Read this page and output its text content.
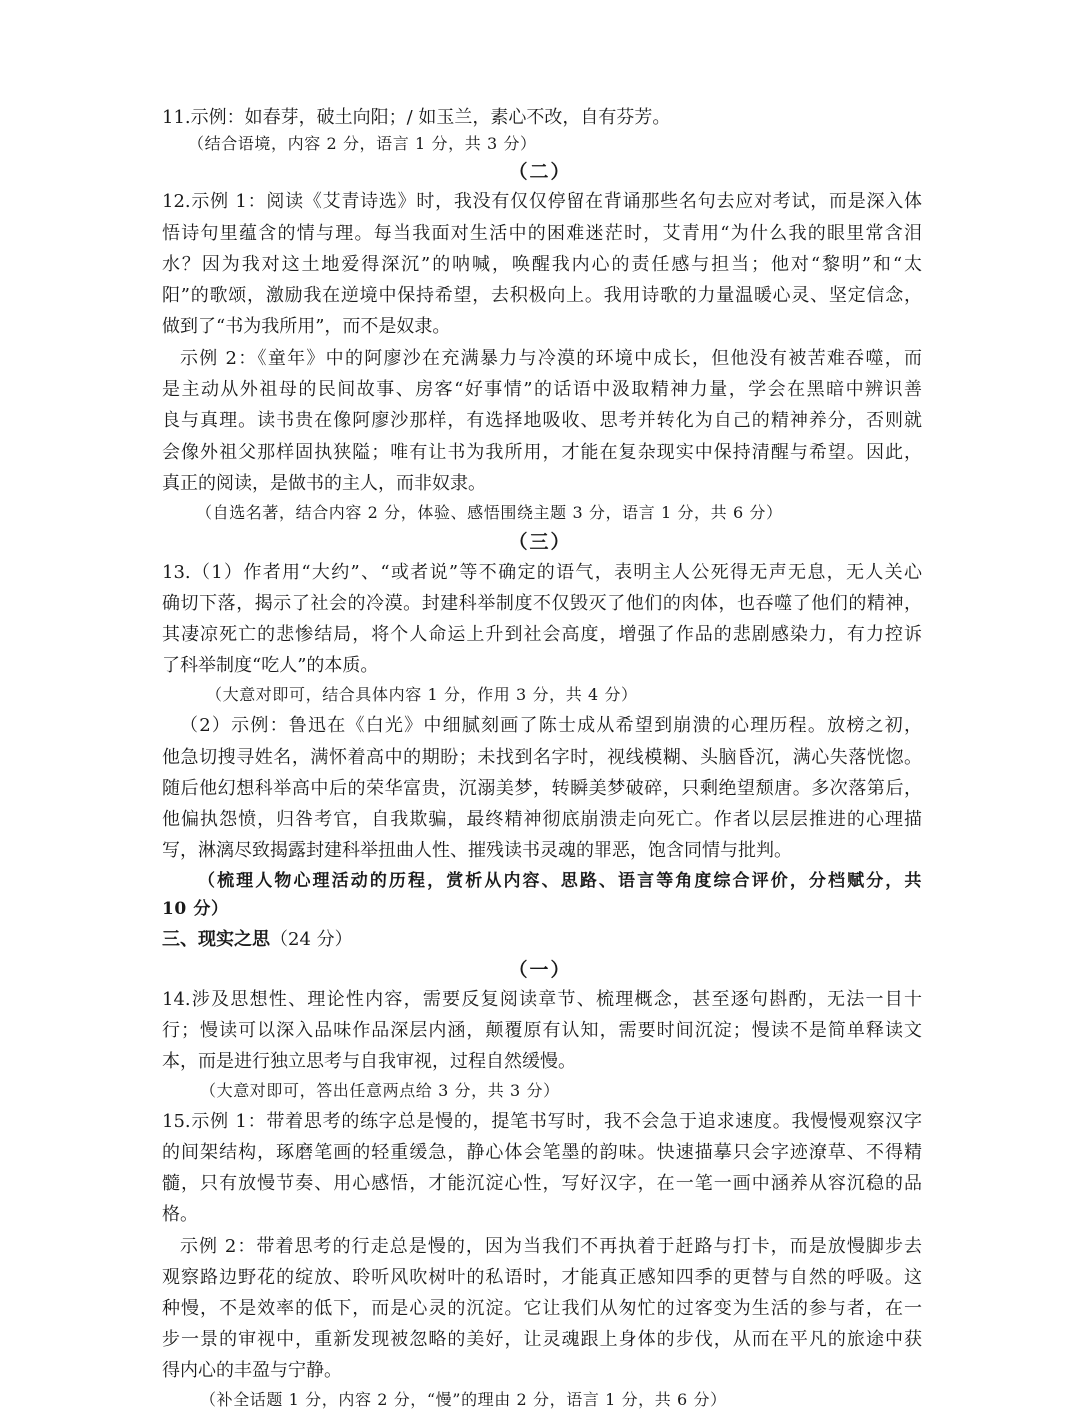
11.示例：如春芽，破土向阳；/ 如玉兰，素心不改，自有芬芳。
（结合语境，内容 2 分，语言 1 分，共 3 分）
（二）
12.示例 1：阅读《艾青诗选》时，我没有仅仅停留在背诵那些名句去应对考试，而是深入体
悟诗句里蕴含的情与理。每当我面对生活中的困难迷茫时，艾青用“为什么我的眼里常含泪
水？因为我对这土地爱得深沉”的呐喊，唤醒我内心的责任感与担当；他对“黎明”和“太
阳”的歌颂，激励我在逆境中保持希望，去积极向上。我用诗歌的力量温暖心灵、坚定信念，
做到了“书为我所用”，而不是奴隶。
示例 2：《童年》中的阿廖沙在充满暴力与冷漠的环境中成长，但他没有被苦难吞噬，而
是主动从外祖母的民间故事、房客“好事情”的话语中汲取精神力量，学会在黑暗中辨识善
良与真理。读书贵在像阿廖沙那样，有选择地吸收、思考并转化为自己的精神养分，否则就
会像外祖父那样固执狭隘；唯有让书为我所用，才能在复杂现实中保持清醒与希望。因此，
真正的阅读，是做书的主人，而非奴隶。
（自选名著，结合内容 2 分，体验、感悟围绕主题 3 分，语言 1 分，共 6 分）
（三）
13.（1）作者用“大约”、“或者说”等不确定的语气，表明主人公死得无声无息，无人关心
确切下落，揭示了社会的冷漠。封建科举制度不仅毁灭了他们的肉体，也吞噬了他们的精神，
其凄凉死亡的悲惨结局，将个人命运上升到社会高度，增强了作品的悲剧感染力，有力控诉
了科举制度“吃人”的本质。
（大意对即可，结合具体内容 1 分，作用 3 分，共 4 分）
（2）示例：鲁迅在《白光》中细腻刻画了陈士成从希望到崩溃的心理历程。放榜之初，
他急切搜寻姓名，满怀着高中的期盼；未找到名字时，视线模糊、头脑昏沉，满心失落恍惚。
随后他幻想科举高中后的荣华富贵，沉溺美梦，转瞬美梦破碎，只剩绝望颓唐。多次落第后，
他偏执怨愤，归咎考官，自我欺骗，最终精神彻底崩溃走向死亡。作者以层层推进的心理描
写，淋漓尽致揭露封建科举扭曲人性、摧残读书灵魂的罪恶，饱含同情与批判。
（梳理人物心理活动的历程，赏析从内容、思路、语言等角度综合评价，分档赋分，共
10 分）
三、现实之思（24 分）
（一）
14.涉及思想性、理论性内容，需要反复阅读章节、梳理概念，甚至逐句斟酌，无法一目十
行；慢读可以深入品味作品深层内涵，颠覆原有认知，需要时间沉淀；慢读不是简单释读文
本，而是进行独立思考与自我审视，过程自然缓慢。
（大意对即可，答出任意两点给 3 分，共 3 分）
15.示例 1：带着思考的练字总是慢的，提笔书写时，我不会急于追求速度。我慢慢观察汉字
的间架结构，琢磨笔画的轻重缓急，静心体会笔墨的韵味。快速描摹只会字迹潦草、不得精
髓，只有放慢节奏、用心感悟，才能沉淀心性，写好汉字，在一笔一画中涵养从容沉稳的品
格。
示例 2：带着思考的行走总是慢的，因为当我们不再执着于赶路与打卡，而是放慢脚步去
观察路边野花的绽放、聆听风吹树叶的私语时，才能真正感知四季的更替与自然的呼吸。这
种慢，不是效率的低下，而是心灵的沉淀。它让我们从匆忙的过客变为生活的参与者，在一
步一景的审视中，重新发现被忽略的美好，让灵魂跟上身体的步伐，从而在平凡的旅途中获
得内心的丰盈与宁静。
（补全话题 1 分，内容 2 分，“慢”的理由 2 分，语言 1 分，共 6 分）
